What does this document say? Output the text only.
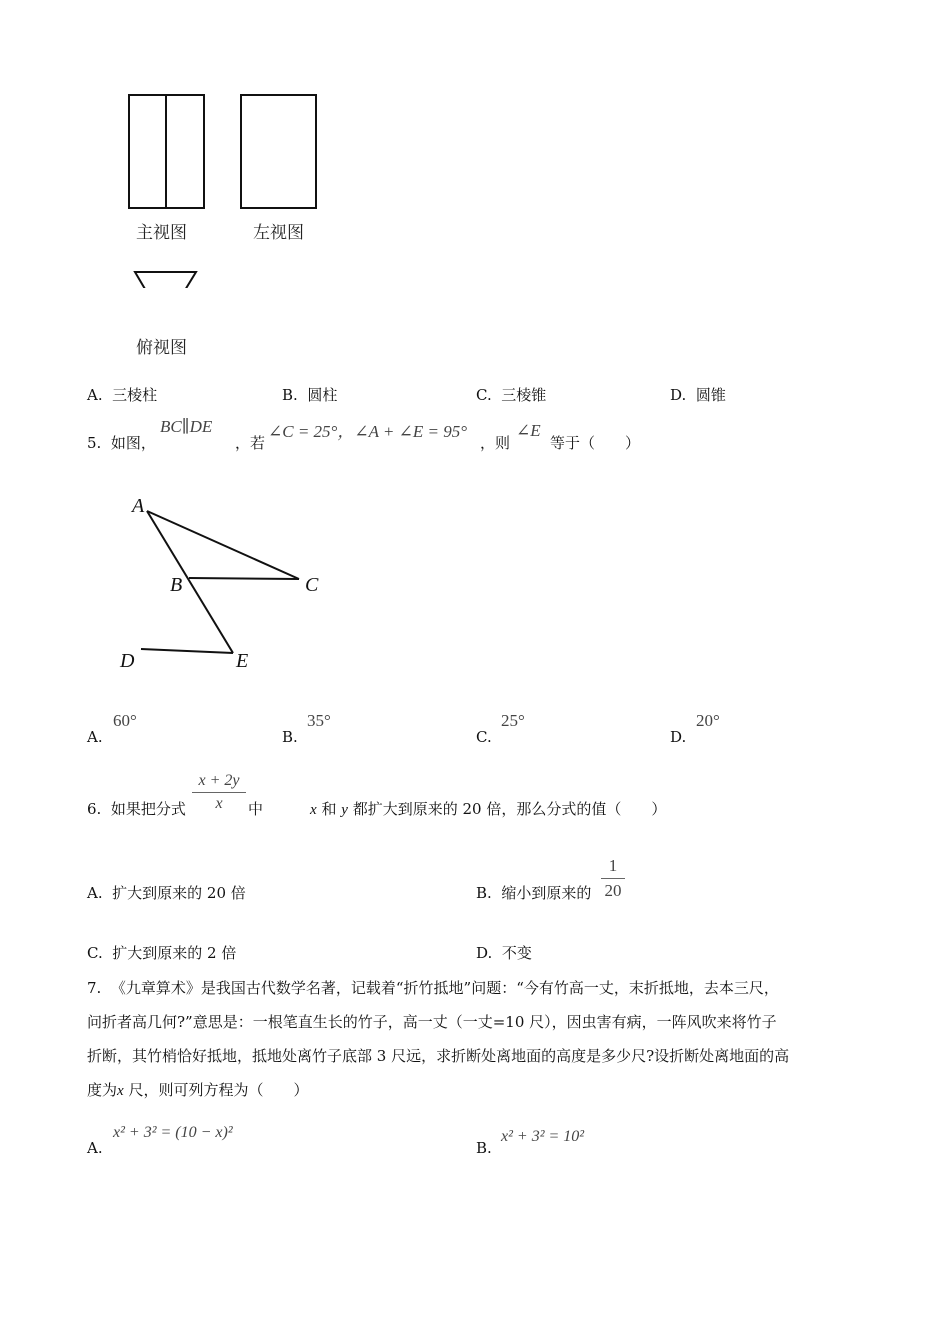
主视图	左视图
俯视图
A. 三棱柱	B. 圆柱	C. 三棱锥	D. 圆锥
5. 如图，
BC∥DE
，若
∠C = 25°，∠A + ∠E = 95°
，则
∠E
等于（　　）
A
B	C
D	E
A.
60°
B.
35°
C.
25°
D.
20°
6. 如果把分式 $\frac{x + 2y}{x}$ 中	x 和 y 都扩大到原来的 20 倍，那么分式的值（　　）
A. 扩大到原来的 20 倍	B. 缩小到原来的 $\frac{1}{20}$
C. 扩大到原来的 2 倍	D. 不变
7. 《九章算术》是我国古代数学名著，记载着“折竹抵地”问题：“今有竹高一丈，末折抵地，去本三尺，
问折者高几何?”意思是：一根笔直生长的竹子，高一丈（一丈=10 尺），因虫害有病，一阵风吹来将竹子
折断，其竹梢恰好抵地，抵地处离竹子底部 3 尺远，求折断处离地面的高度是多少尺?设折断处离地面的高
度为x 尺，则可列方程为（　　）
A.
x² + 3² = (10 − x)²
B.
x² + 3² = 10²
